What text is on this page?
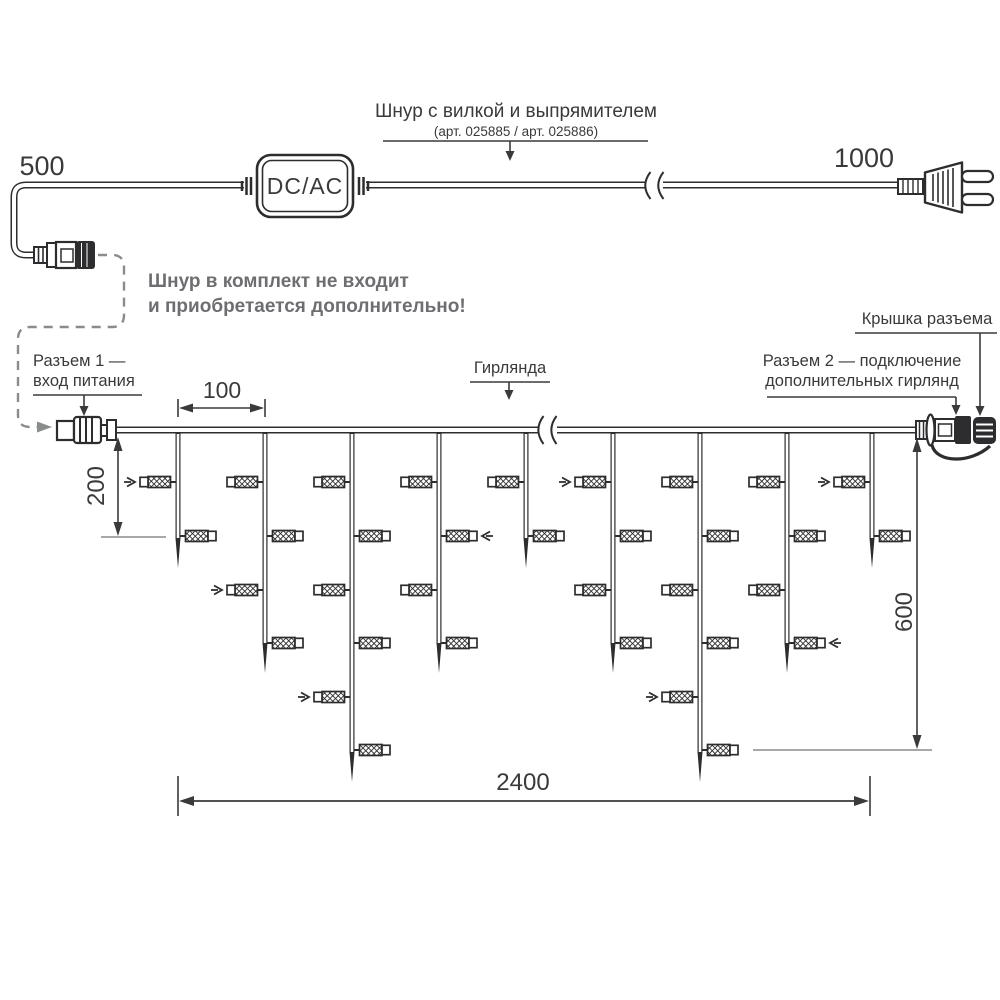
Шнур с вилкой и выпрямителем
(арт. 025885 / арт. 025886)
500	1000
DC/AC
Шнур в комплект не входит
и приобретается дополнительно!
Разъем 1 —
вход питания
Гирлянда	Разъем 2 — подключение
дополнительных гирлянд
Крышка разъема
100
200
600
2400
